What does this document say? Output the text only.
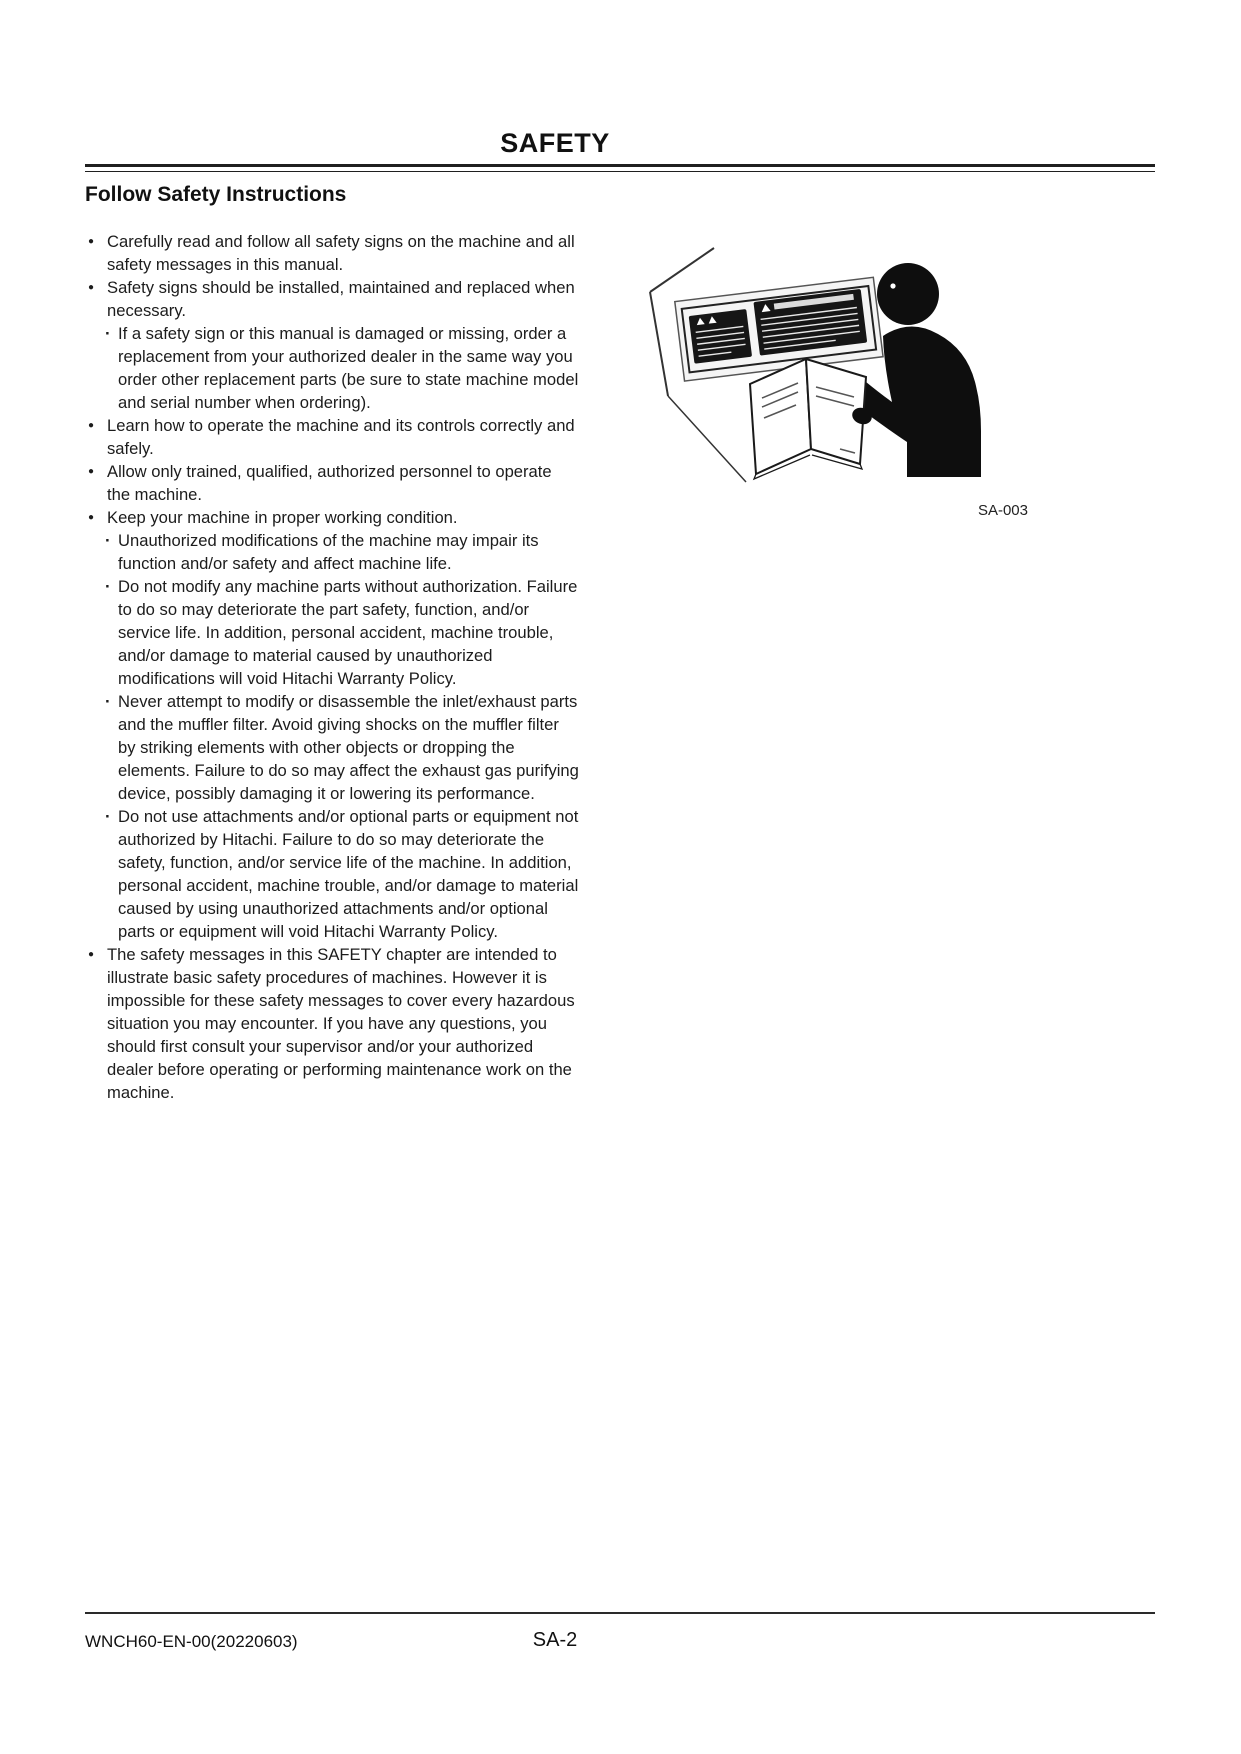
SAFETY
Follow Safety Instructions
● Carefully read and follow all safety signs on the machine and all safety messages in this manual.
● Safety signs should be installed, maintained and replaced when necessary.
· If a safety sign or this manual is damaged or missing, order a replacement from your authorized dealer in the same way you order other replacement parts (be sure to state machine model and serial number when ordering).
● Learn how to operate the machine and its controls correctly and safely.
● Allow only trained, qualified, authorized personnel to operate the machine.
● Keep your machine in proper working condition.
· Unauthorized modifications of the machine may impair its function and/or safety and affect machine life.
· Do not modify any machine parts without authorization. Failure to do so may deteriorate the part safety, function, and/or service life. In addition, personal accident, machine trouble, and/or damage to material caused by unauthorized modifications will void Hitachi Warranty Policy.
· Never attempt to modify or disassemble the inlet/exhaust parts and the muffler filter. Avoid giving shocks on the muffler filter by striking elements with other objects or dropping the elements. Failure to do so may affect the exhaust gas purifying device, possibly damaging it or lowering its performance.
· Do not use attachments and/or optional parts or equipment not authorized by Hitachi. Failure to do so may deteriorate the safety, function, and/or service life of the machine. In addition, personal accident, machine trouble, and/or damage to material caused by using unauthorized attachments and/or optional parts or equipment will void Hitachi Warranty Policy.
● The safety messages in this SAFETY chapter are intended to illustrate basic safety procedures of machines. However it is impossible for these safety messages to cover every hazardous situation you may encounter. If you have any questions, you should first consult your supervisor and/or your authorized dealer before operating or performing maintenance work on the machine.
SA-003
WNCH60-EN-00(20220603)	SA-2
